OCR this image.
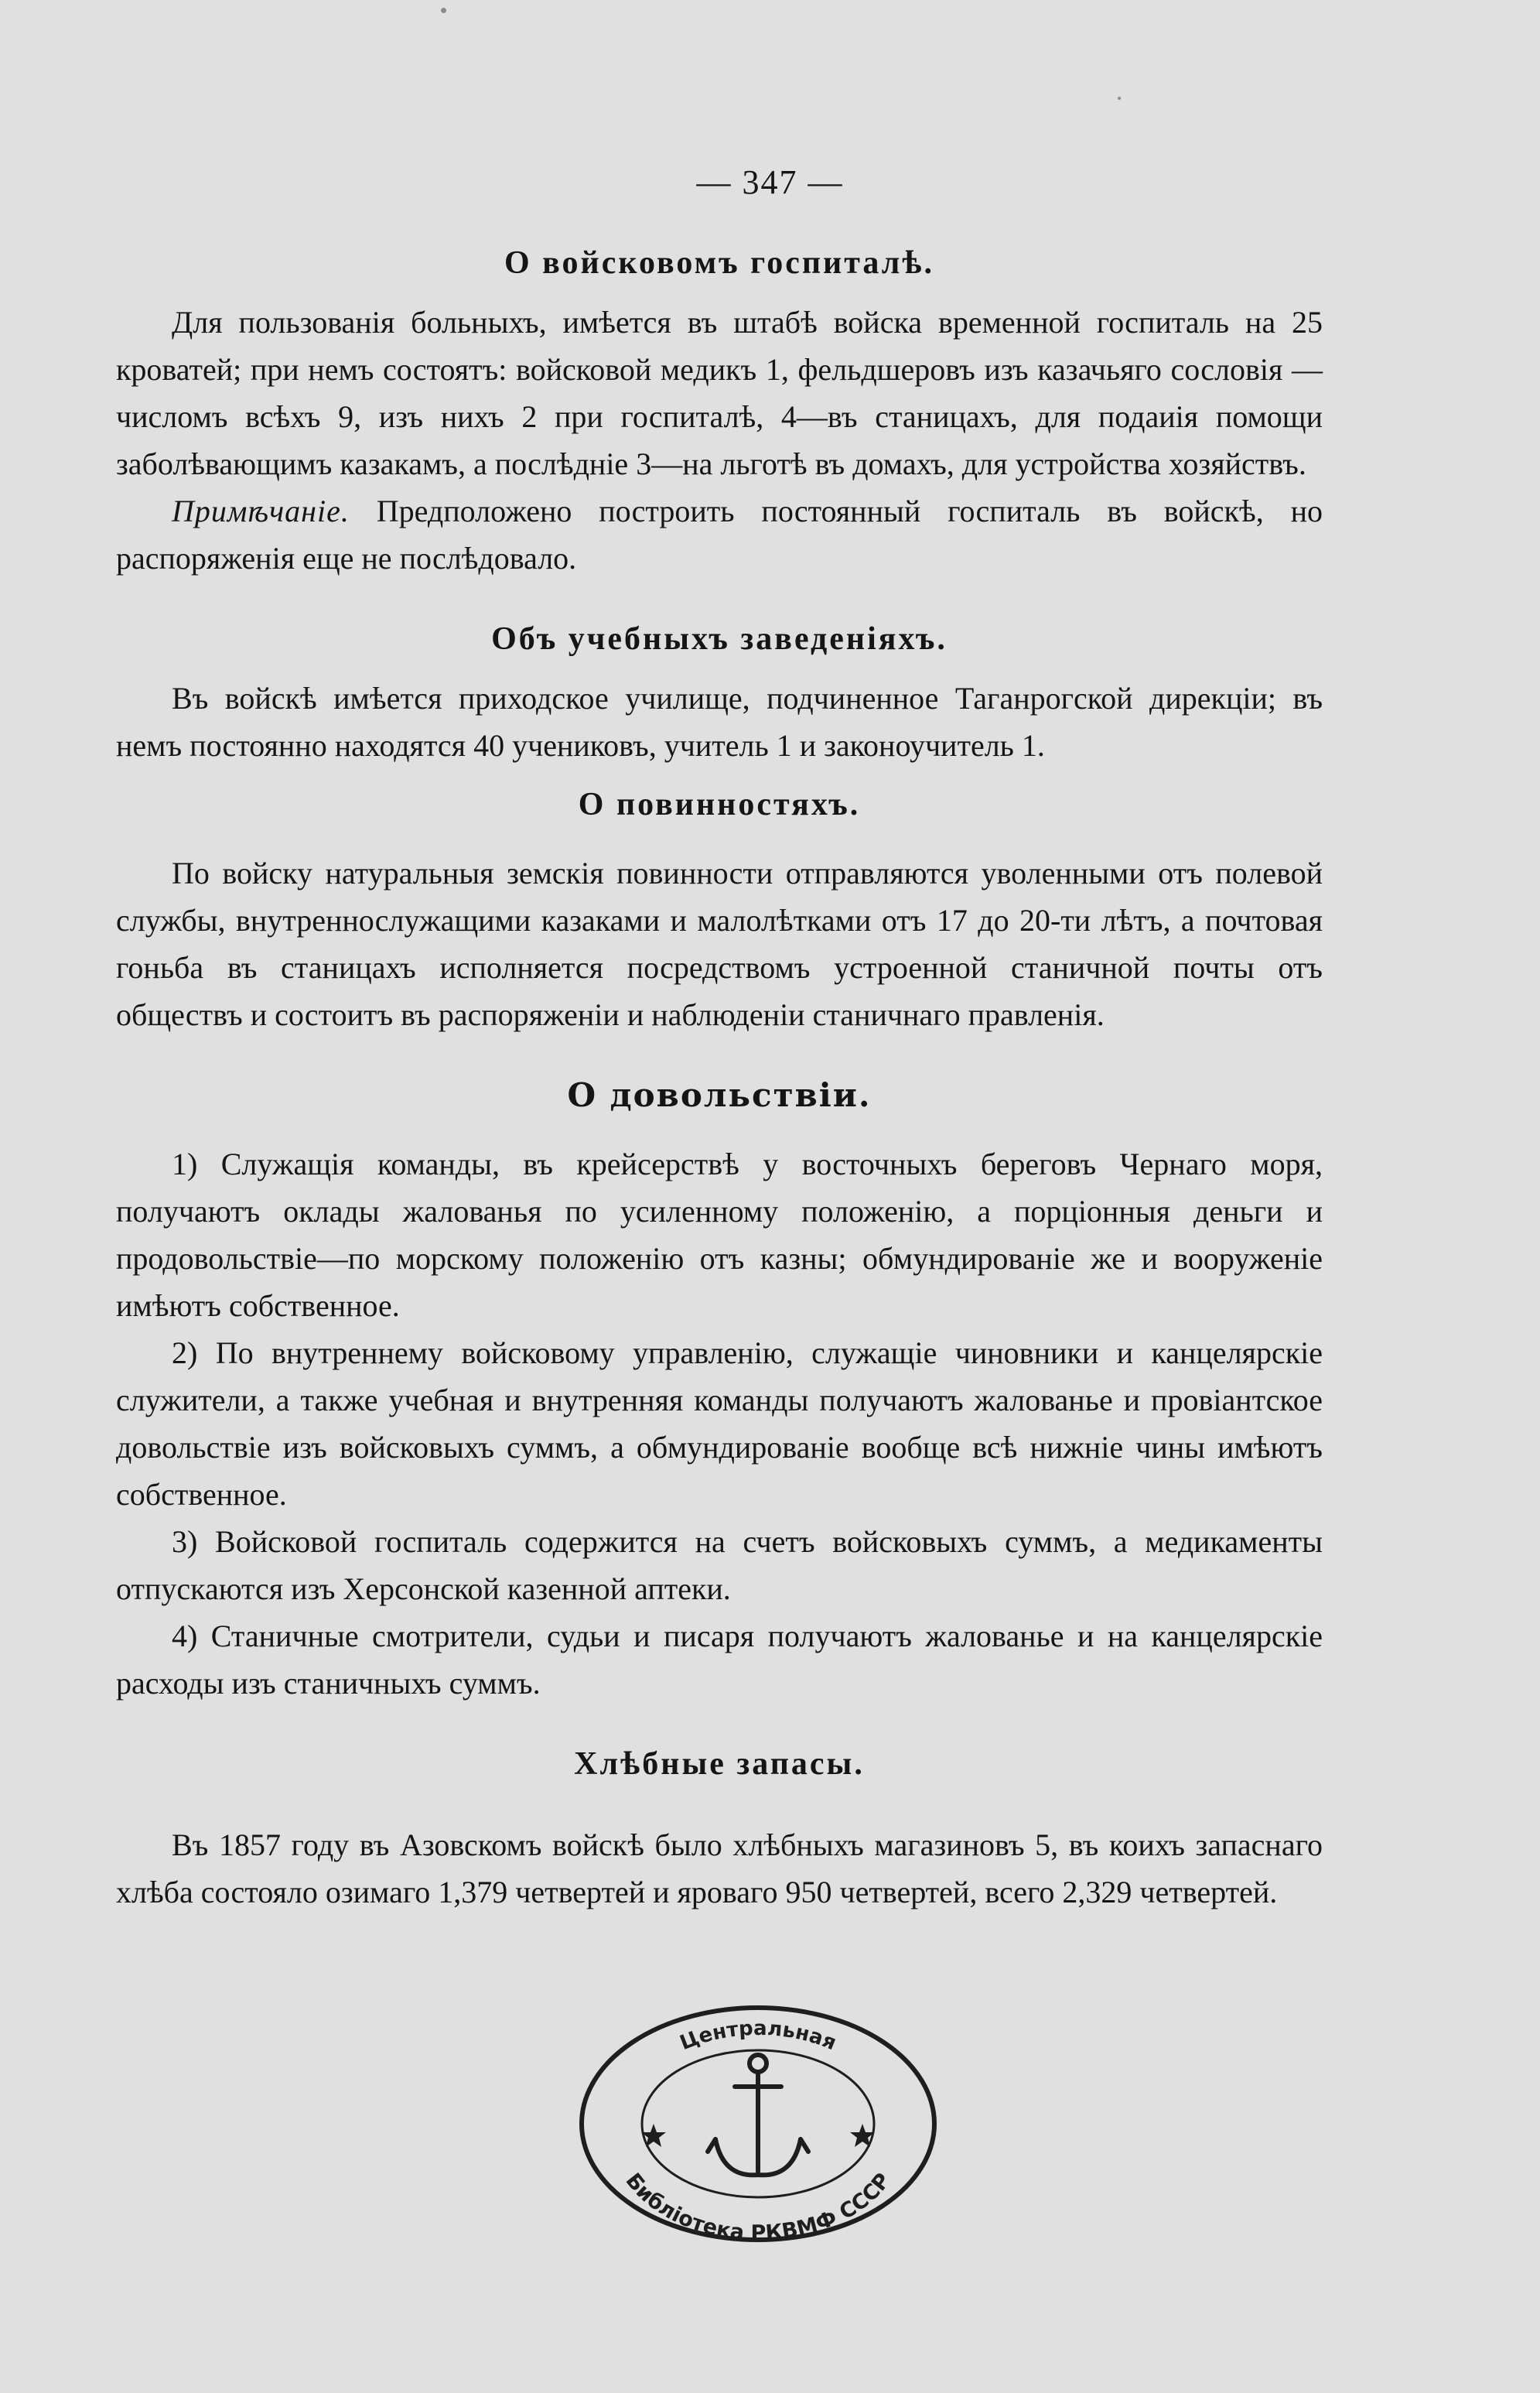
— 347 —
О войсковомъ госпиталѣ.

Для пользованія больныхъ, имѣется въ штабѣ войска временной госпиталь на 25 кроватей; при немъ состоятъ: войсковой медикъ 1, фельдшеровъ изъ казачьяго сословія — числомъ всѣхъ 9, изъ нихъ 2 при госпиталѣ, 4—въ станицахъ, для подаиія помощи заболѣвающимъ казакамъ, а послѣдніе 3—на льготѣ въ домахъ, для устройства хозяйствъ.

Примѣчаніе. Предположено построить постоянный госпиталь въ войскѣ, но распоряженія еще не послѣдовало.

Объ учебныхъ заведеніяхъ.

Въ войскѣ имѣется приходское училище, подчиненное Таганрогской дирекціи; въ немъ постоянно находятся 40 учениковъ, учитель 1 и законоучитель 1.

О повинностяхъ.

По войску натуральныя земскія повинности отправляются уволенными отъ полевой службы, внутреннослужащими казаками и малолѣтками отъ 17 до 20-ти лѣтъ, а почтовая гоньба въ станицахъ исполняется посредствомъ устроенной станичной почты отъ обществъ и состоитъ въ распоряженіи и наблюденіи станичнаго правленія.

О довольствіи.

1) Служащія команды, въ крейсерствѣ у восточныхъ береговъ Чернаго моря, получаютъ оклады жалованья по усиленному положенію, а порціонныя деньги и продовольствіе—по морскому положенію отъ казны; обмундированіе же и вооруженіе имѣютъ собственное.

2) По внутреннему войсковому управленію, служащіе чиновники и канцелярскіе служители, а также учебная и внутренняя команды получаютъ жалованье и провіантское довольствіе изъ войсковыхъ суммъ, а обмундированіе вообще всѣ нижніе чины имѣютъ собственное.

3) Войсковой госпиталь содержится на счетъ войсковыхъ суммъ, а медикаменты отпускаются изъ Херсонской казенной аптеки.

4) Станичные смотрители, судьи и писаря получаютъ жалованье и на канцелярскіе расходы изъ станичныхъ суммъ.

Хлѣбные запасы.

Въ 1857 году въ Азовскомъ войскѣ было хлѣбныхъ магазиновъ 5, въ коихъ запаснаго хлѣба состояло озимаго 1,379 четвертей и яроваго 950 четвертей, всего 2,329 четвертей.

Центральная
Библіотека РКВМФ СССР
